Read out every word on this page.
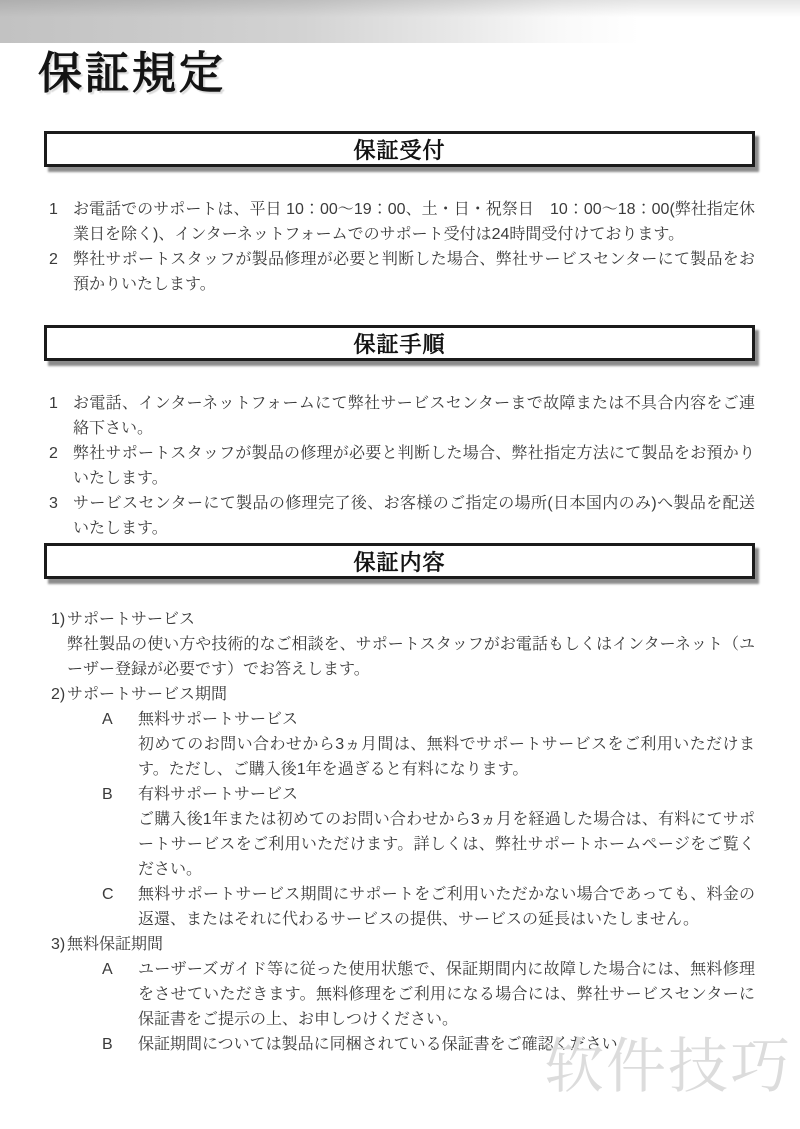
保証規定
保証受付
1 お電話でのサポートは、平日 10：00～19：00、土・日・祝祭日　10：00～18：00(弊社指定休業日を除く)、インターネットフォームでのサポート受付は24時間受付けております。
2 弊社サポートスタッフが製品修理が必要と判断した場合、弊社サービスセンターにて製品をお預かりいたします。
保証手順
1 お電話、インターネットフォームにて弊社サービスセンターまで故障または不具合内容をご連絡下さい。
2 弊社サポートスタッフが製品の修理が必要と判断した場合、弊社指定方法にて製品をお預かりいたします。
3 サービスセンターにて製品の修理完了後、お客様のご指定の場所(日本国内のみ)へ製品を配送いたします。
保証内容
1) サポートサービス
弊社製品の使い方や技術的なご相談を、サポートスタッフがお電話もしくはインターネット（ユーザー登録が必要です）でお答えします。
2) サポートサービス期間
A 無料サポートサービス
初めてのお問い合わせから3ヵ月間は、無料でサポートサービスをご利用いただけます。ただし、ご購入後1年を過ぎると有料になります。
B 有料サポートサービス
ご購入後1年または初めてのお問い合わせから3ヵ月を経過した場合は、有料にてサポートサービスをご利用いただけます。詳しくは、弊社サポートホームページをご覧ください。
C 無料サポートサービス期間にサポートをご利用いただかない場合であっても、料金の返還、またはそれに代わるサービスの提供、サービスの延長はいたしません。
3) 無料保証期間
A ユーザーズガイド等に従った使用状態で、保証期間内に故障した場合には、無料修理をさせていただきます。無料修理をご利用になる場合には、弊社サービスセンターに保証書をご提示の上、お申しつけください。
B 保証期間については製品に同梱されている保証書をご確認ください
软件技巧
